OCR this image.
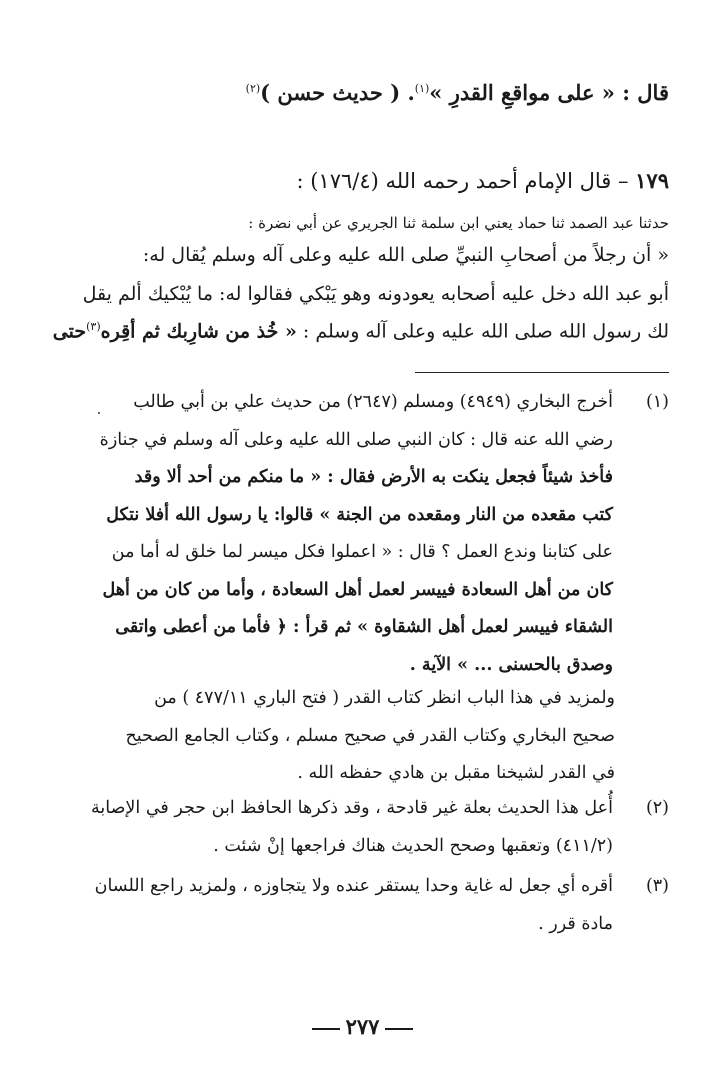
قال : « على مواقعِ القدرِ »$^{(١)}$. ( حديث حسن )$^{(٢)}$
١٧٩ – قال الإمام أحمد رحمه الله (١٧٦/٤) :
حدثنا عبد الصمد ثنا حماد يعني ابن سلمة ثنا الجريري عن أبي نضرة :
« أن رجلاً من أصحابِ النبيِّ صلى الله عليه وعلى آله وسلم يُقال له:
أبو عبد الله دخل عليه أصحابه يعودونه وهو يَبْكي فقالوا له: ما يُبْكيك ألم يقل
لك رسول الله صلى الله عليه وعلى آله وسلم : « خُذ من شارِبك ثم أقِره$^{(٣)}$حتى
(١)

أخرج البخاري (٤٩٤٩) ومسلم (٢٦٤٧) من حديث علي بن أبي طالب

رضي الله عنه قال : كان النبي صلى الله عليه وعلى آله وسلم في جنازة

فأخذ شيئاً فجعل ينكت به الأرض فقال : « ما منكم من أحد ألا وقد

كتب مقعده من النار ومقعده من الجنة » قالوا: يا رسول الله أفلا نتكل

على كتابنا وندع العمل ؟ قال : « اعملوا فكل ميسر لما خلق له أما من

كان من أهل السعادة فييسر لعمل أهل السعادة ، وأما من كان من أهل

الشقاء فييسر لعمل أهل الشقاوة » ثم قرأ : ﴿ فأما من أعطى واتقى

وصدق بالحسنى ... » الآية .

ولمزيد في هذا الباب انظر كتاب القدر ( فتح الباري ٤٧٧/١١ ) من

صحيح البخاري وكتاب القدر في صحيح مسلم ، وكتاب الجامع الصحيح

في القدر لشيخنا مقبل بن هادي حفظه الله .

(٢)

أُعل هذا الحديث بعلة غير قادحة ، وقد ذكرها الحافظ ابن حجر في الإصابة

(٤١١/٢) وتعقبها وصحح الحديث هناك فراجعها إنْ شئت .

(٣)

أقره أي جعل له غاية وحدا يستقر عنده ولا يتجاوزه ، ولمزيد راجع اللسان

مادة قرر .

٢٧٧
